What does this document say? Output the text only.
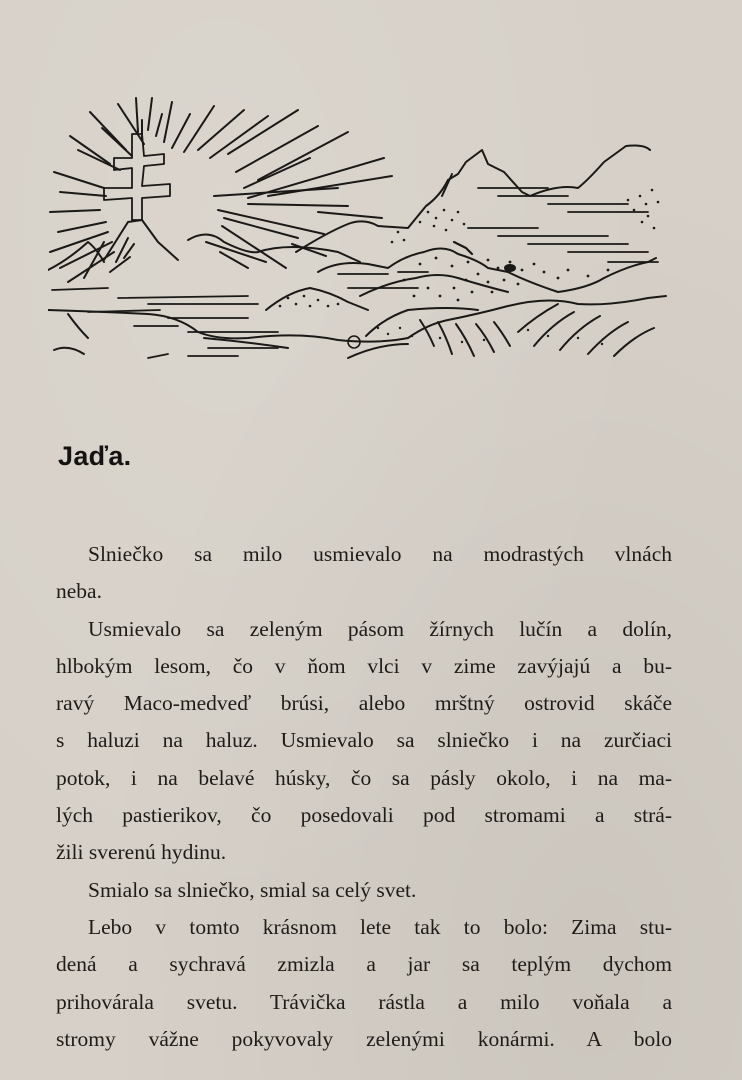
Jaďa.
Slniečko sa milo usmievalo na modrastých vlnách
neba.
Usmievalo sa zeleným pásom žírnych lučín a dolín,
hlbokým lesom, čo v ňom vlci v zime zavýjajú a bu-
ravý Maco-medveď brúsi, alebo mrštný ostrovid skáče
s haluzi na haluz. Usmievalo sa slniečko i na zurčiaci
potok, i na belavé húsky, čo sa pásly okolo, i na ma-
lých pastierikov, čo posedovali pod stromami a strá-
žili sverenú hydinu.
Smialo sa slniečko, smial sa celý svet.
Lebo v tomto krásnom lete tak to bolo: Zima stu-
dená a sychravá zmizla a jar sa teplým dychom
prihovárala svetu. Trávička rástla a milo voňala a
stromy vážne pokyvovaly zelenými konármi. A bolo
